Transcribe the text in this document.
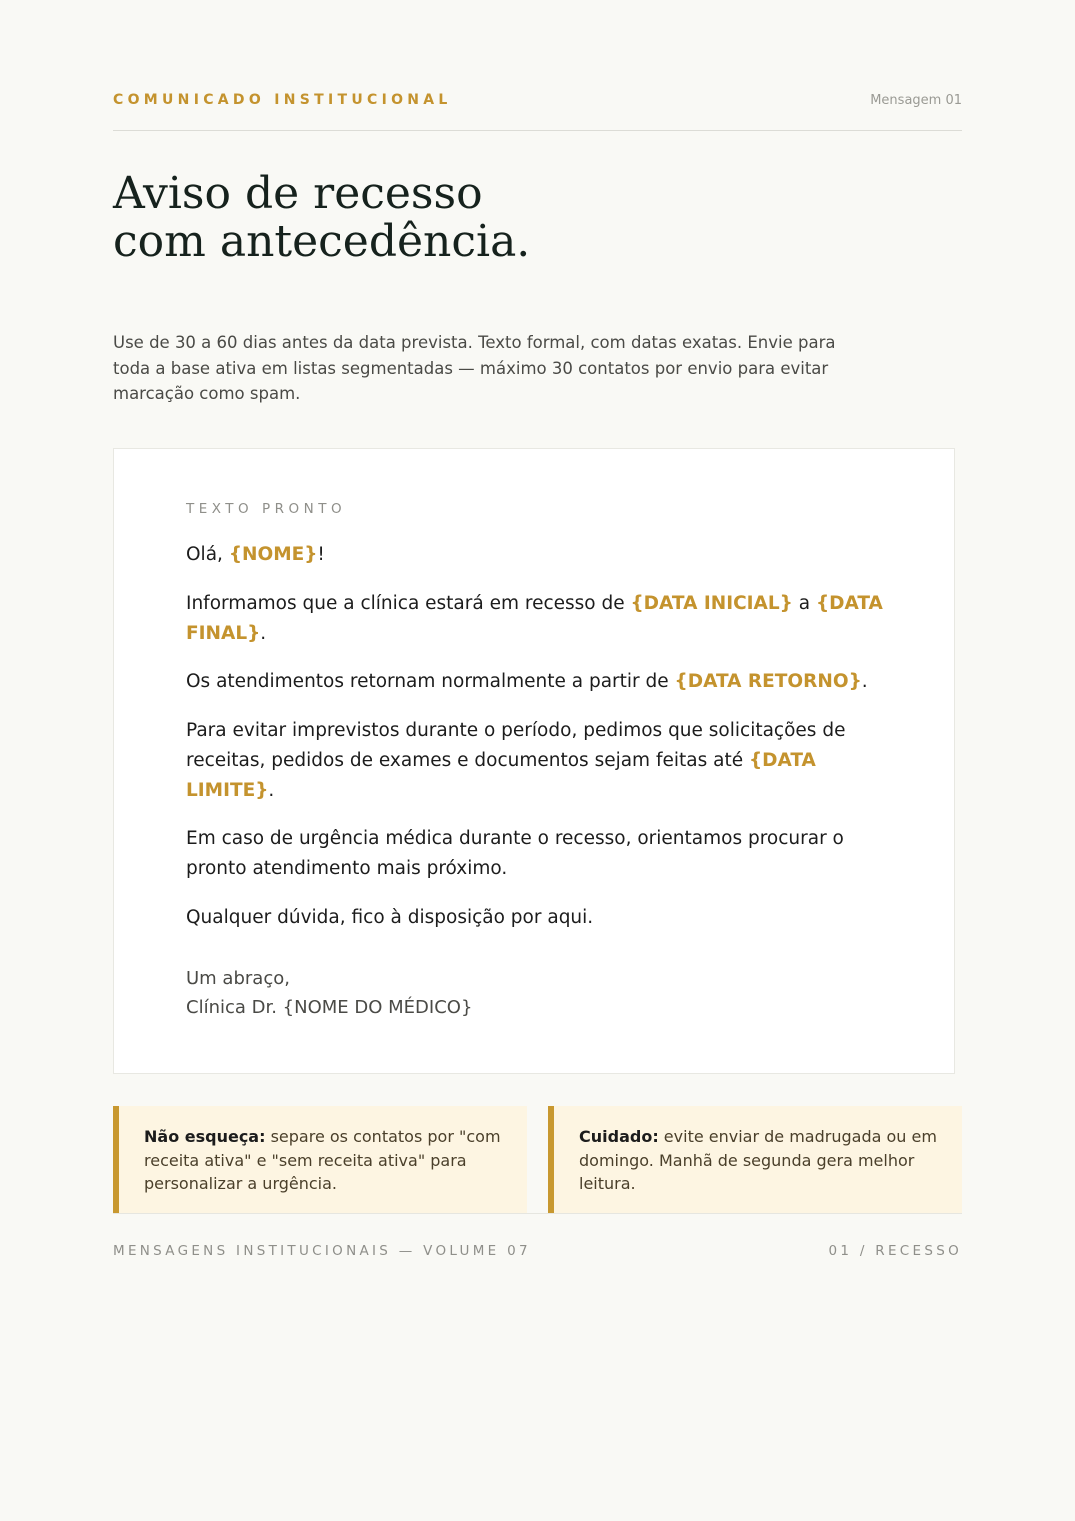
COMUNICADO INSTITUCIONAL	Mensagem 01
Aviso de recesso
com antecedência.

Use de 30 a 60 dias antes da data prevista. Texto formal, com datas exatas. Envie para toda a base ativa em listas segmentadas — máximo 30 contatos por envio para evitar marcação como spam.

TEXTO PRONTO

Olá, {NOME}!

Informamos que a clínica estará em recesso de {DATA INICIAL} a {DATA FINAL}.

Os atendimentos retornam normalmente a partir de {DATA RETORNO}.

Para evitar imprevistos durante o período, pedimos que solicitações de receitas, pedidos de exames e documentos sejam feitas até {DATA LIMITE}.

Em caso de urgência médica durante o recesso, orientamos procurar o pronto atendimento mais próximo.

Qualquer dúvida, fico à disposição por aqui.

Um abraço,
Clínica Dr. {NOME DO MÉDICO}
Não esqueça: separe os contatos por "com receita ativa" e "sem receita ativa" para personalizar a urgência.
Cuidado: evite enviar de madrugada ou em domingo. Manhã de segunda gera melhor leitura.
MENSAGENS INSTITUCIONAIS — VOLUME 07	01 / RECESSO
